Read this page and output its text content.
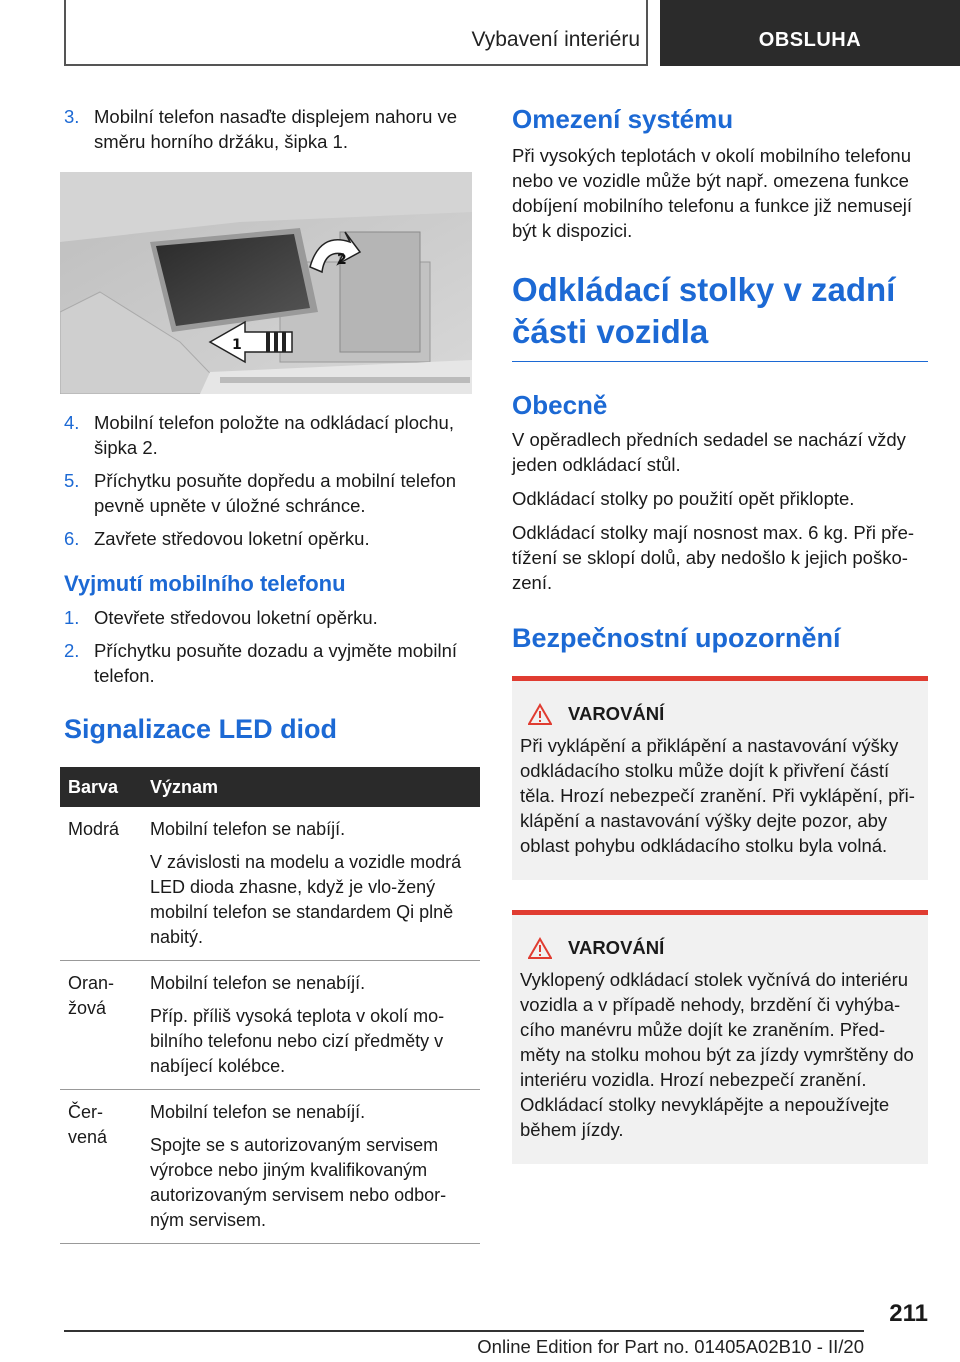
Vybavení interiéru	OBSLUHA
3. Mobilní telefon nasaďte displejem nahoru ve směru horního držáku, šipka 1.
2
1
4. Mobilní telefon položte na odkládací plochu, šipka 2.
5. Příchytku posuňte dopředu a mobilní telefon pevně upněte v úložné schránce.
6. Zavřete středovou loketní opěrku.
Vyjmutí mobilního telefonu
1. Otevřete středovou loketní opěrku.
2. Příchytku posuňte dozadu a vyjměte mobilní telefon.
Signalizace LED diod
Barva	Význam
Modrá	Mobilní telefon se nabíjí.

V závislosti na modelu a vozidle modrá LED dioda zhasne, když je vlo-žený mobilní telefon se standardem Qi plně nabitý.

Oran-žová	Mobilní telefon se nenabíjí.

Příp. příliš vysoká teplota v okolí mo-bilního telefonu nebo cizí předměty v nabíjecí kolébce.

Čer-vená	Mobilní telefon se nenabíjí.

Spojte se s autorizovaným servisem výrobce nebo jiným kvalifikovaným autorizovaným servisem nebo odbor-ným servisem.

Omezení systému
Při vysokých teplotách v okolí mobilního telefonu nebo ve vozidle může být např. omezena funkce dobíjení mobilního telefonu a funkce již nemusejí být k dispozici.
Odkládací stolky v zadní části vozidla
Obecně
V opěradlech předních sedadel se nachází vždy jeden odkládací stůl.
Odkládací stolky po použití opět přiklopte.
Odkládací stolky mají nosnost max. 6 kg. Při pře-tížení se sklopí dolů, aby nedošlo k jejich poško-zení.
Bezpečnostní upozornění
VAROVÁNÍ
Při vyklápění a přiklápění a nastavování výšky odkládacího stolku může dojít k přivření částí těla. Hrozí nebezpečí zranění. Při vyklápění, při-klápění a nastavování výšky dejte pozor, aby oblast pohybu odkládacího stolku byla volná.
VAROVÁNÍ
Vyklopený odkládací stolek vyčnívá do interiéru vozidla a v případě nehody, brzdění či vyhýba-cího manévru může dojít ke zraněním. Před-měty na stolku mohou být za jízdy vymrštěny do interiéru vozidla. Hrozí nebezpečí zranění. Odkládací stolky nevyklápějte a nepoužívejte během jízdy.
211
Online Edition for Part no. 01405A02B10 - II/20
